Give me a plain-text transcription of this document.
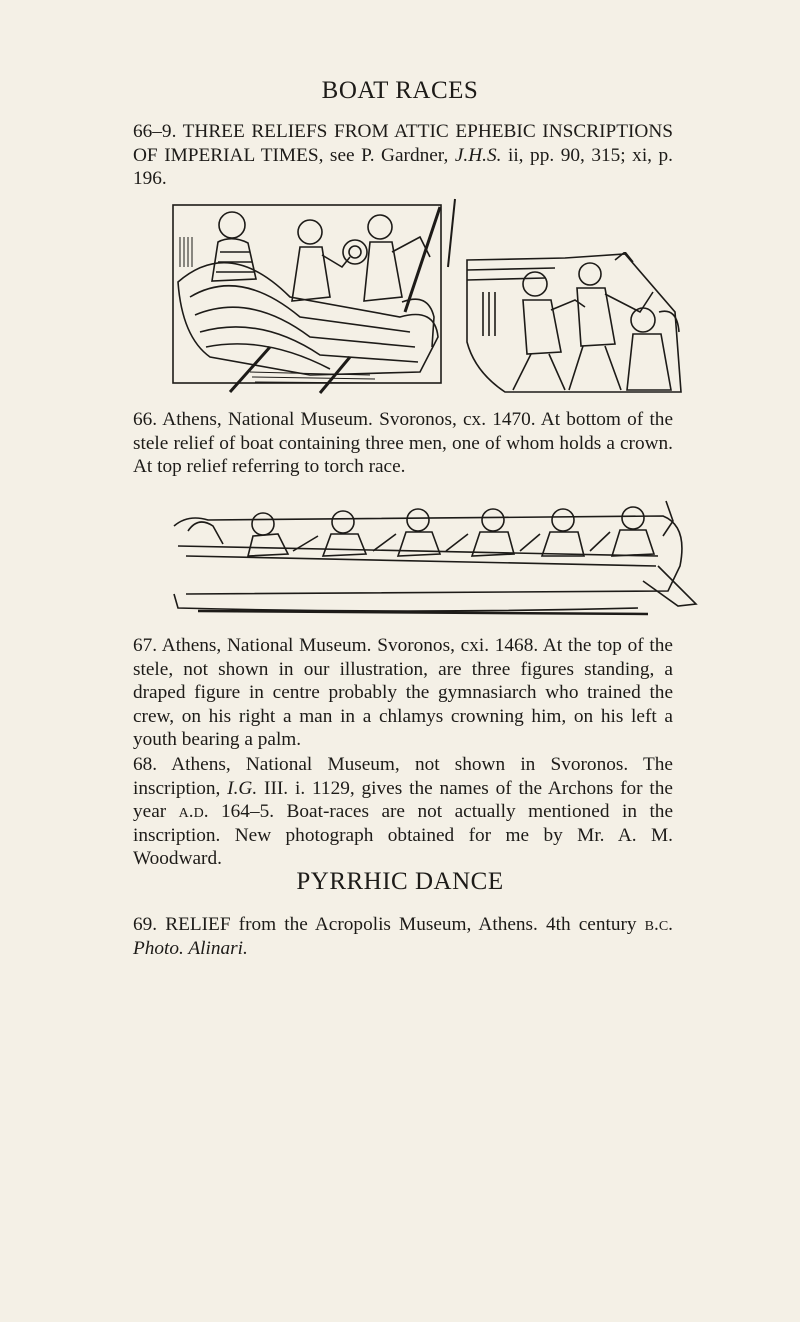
BOAT RACES

66–9. THREE RELIEFS FROM ATTIC EPHEBIC INSCRIPTIONS OF IMPERIAL TIMES, see P. Gardner, J.H.S. ii, pp. 90, 315; xi, p. 196.

66. Athens, National Museum. Svoronos, cx. 1470. At bottom of the stele relief of boat containing three men, one of whom holds a crown. At top relief referring to torch race.

67. Athens, National Museum. Svoronos, cxi. 1468. At the top of the stele, not shown in our illustration, are three figures standing, a draped figure in centre probably the gymnasiarch who trained the crew, on his right a man in a chlamys crowning him, on his left a youth bearing a palm.

68. Athens, National Museum, not shown in Svoronos. The inscription, I.G. III. i. 1129, gives the names of the Archons for the year a.d. 164–5. Boat-races are not actually mentioned in the inscription. New photograph obtained for me by Mr. A. M. Woodward.

PYRRHIC DANCE

69. RELIEF from the Acropolis Museum, Athens. 4th century b.c. Photo. Alinari.
